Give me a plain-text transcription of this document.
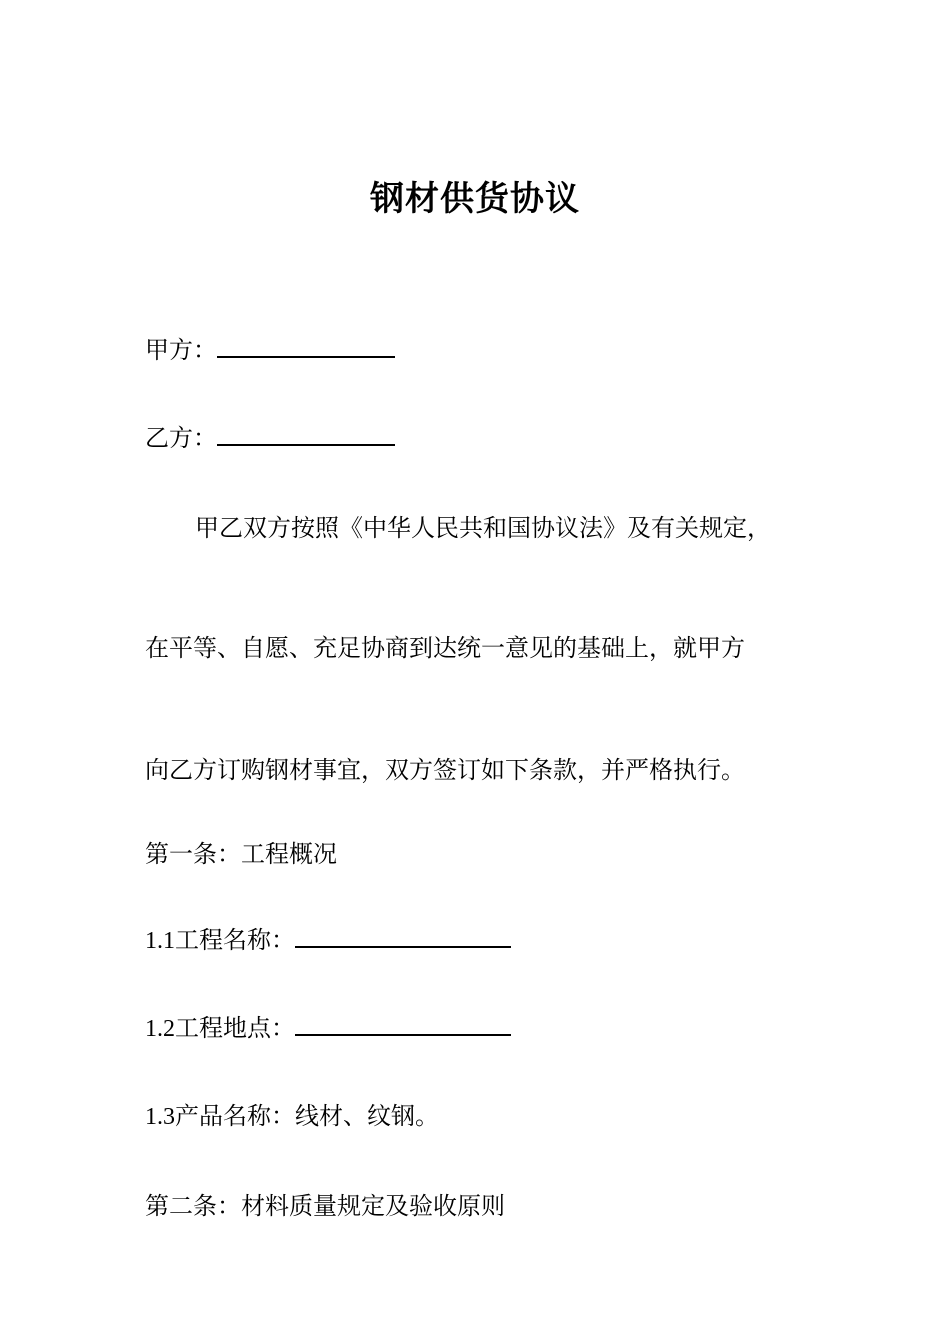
钢材供货协议
甲方：
乙方：
甲乙双方按照《中华人民共和国协议法》及有关规定，
在平等、自愿、充足协商到达统一意见的基础上，就甲方
向乙方订购钢材事宜，双方签订如下条款，并严格执行。
第一条：工程概况
1.1工程名称：
1.2工程地点：
1.3产品名称：线材、纹钢。
第二条：材料质量规定及验收原则
